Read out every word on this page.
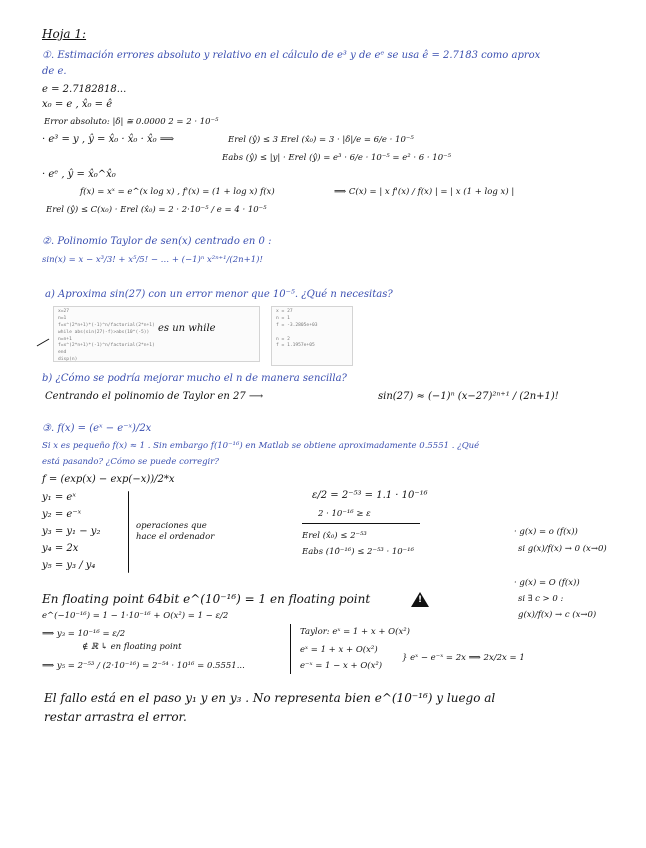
Hoja 1:
①. Estimación errores absoluto y relativo en el cálculo de e³ y de eᵉ se usa ê = 2.7183 como aprox
de e.
e = 2.7182818...
x₀ = e , x̂₀ = ê
Error absoluto: |δ| ≅ 0.0000 2 = 2 · 10⁻⁵
· e³ = y , ŷ = x̂₀ · x̂₀ · x̂₀ ⟹	Erel (ŷ) ≤ 3 Erel (x̂₀) = 3 · |δ|/e = 6/e · 10⁻⁵
Eabs (ŷ) ≤ |y| · Erel (ŷ) = e³ · 6/e · 10⁻⁵ = e² · 6 · 10⁻⁵
· eᵉ , ŷ = x̂₀^x̂₀
f(x) = xˣ = e^(x log x) , f'(x) = (1 + log x) f(x)	⟹ C(x) = | x f'(x) / f(x) | = | x (1 + log x) |
Erel (ŷ) ≤ C(x₀) · Erel (x̂₀) = 2 · 2·10⁻⁵ / e = 4 · 10⁻⁵
②. Polinomio Taylor de sen(x) centrado en 0 :
sin(x) = x − x³/3! + x⁵/5! − … + (−1)ⁿ x²ⁿ⁺¹/(2n+1)!
a) Aproxima sin(27) con un error menor que 10⁻⁵. ¿Qué n necesitas?
x=27
n=1
f=x^(2*n+1)*(-1)^n/factorial(2*n+1)
while abs(sin(27)-f)>abs(10^(-5))
n=n+1
f=x^(2*n+1)*(-1)^n/factorial(2*n+1)
end
disp(n)
x = 27
n = 1
f = -3.2805e+03

n = 2
f = 1.1957e+05
es un while
b) ¿Cómo se podría mejorar mucho el n de manera sencilla?
Centrando el polinomio de Taylor en 27 ⟶	sin(27) ≈ (−1)ⁿ (x−27)²ⁿ⁺¹ / (2n+1)!
③. f(x) = (eˣ − e⁻ˣ)/2x
Si x es pequeño f(x) ≈ 1 . Sin embargo f(10⁻¹⁶) en Matlab se obtiene aproximadamente 0.5551 . ¿Qué
está pasando? ¿Cómo se puede corregir?
f = (exp(x) − exp(−x))/2*x
y₁ = eˣ
y₂ = e⁻ˣ
y₃ = y₁ − y₂
y₄ = 2x
y₅ = y₃ / y₄
operaciones que hace el ordenador
ε/2 = 2⁻⁵³ = 1.1 · 10⁻¹⁶
2 · 10⁻¹⁶ ≥ ε
Erel (x̂₀) ≤ 2⁻⁵³
Eabs (10̂⁻¹⁶) ≤ 2⁻⁵³ · 10⁻¹⁶
· g(x) = o (f(x))
si g(x)/f(x) → 0 (x→0)
· g(x) = O (f(x))
si ∃ c > 0 :
g(x)/f(x) → c (x→0)
En floating point 64bit e^(10⁻¹⁶) = 1 en floating point
!
e^(−10⁻¹⁶) = 1 − 1·10⁻¹⁶ + O(x²) = 1 − ε/2
⟹ y₃ = 10⁻¹⁶ = ε/2
∉ ℝ ↳ en floating point
⟹ y₅ = 2⁻⁵³ / (2·10⁻¹⁶) = 2⁻⁵⁴ · 10¹⁶ = 0.5551...
Taylor: eˣ = 1 + x + O(x²)
eˣ = 1 + x + O(x²)
e⁻ˣ = 1 − x + O(x²)
} eˣ − e⁻ˣ = 2x ⟹ 2x/2x = 1
El fallo está en el paso y₁ y en y₃ . No representa bien e^(10⁻¹⁶) y luego al
restar arrastra el error.
